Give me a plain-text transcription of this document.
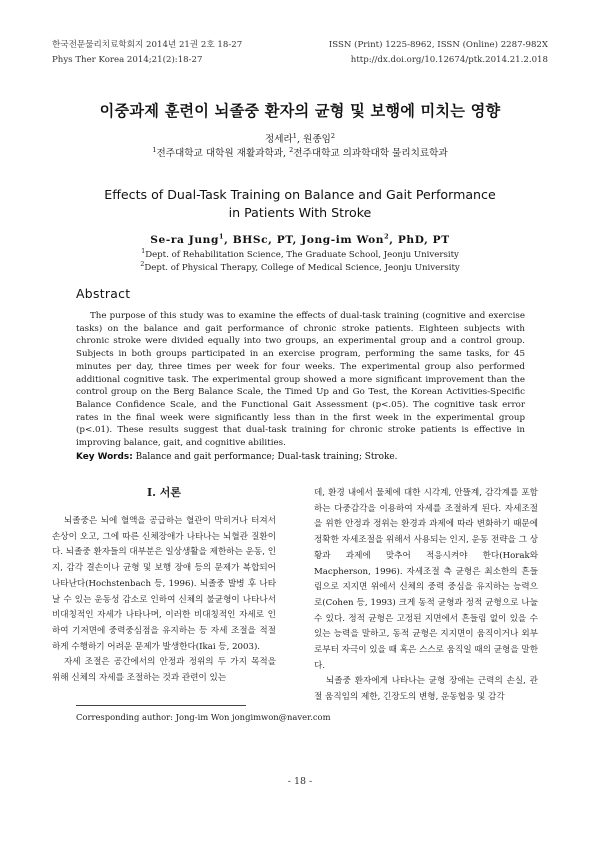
한국전문물리치료학회지 2014년 21권 2호 18-27
Phys Ther Korea 2014;21(2):18-27
ISSN (Print) 1225-8962, ISSN (Online) 2287-982X
http://dx.doi.org/10.12674/ptk.2014.21.2.018
이중과제 훈련이 뇌졸중 환자의 균형 및 보행에 미치는 영향
정세라$^1$, 원종임$^2$
$^1$전주대학교 대학원 재활과학과, $^2$전주대학교 의과학대학 물리치료학과
Effects of Dual-Task Training on Balance and Gait Performance
in Patients With Stroke
Se-ra Jung$^1$, BHSc, PT, Jong-im Won$^2$, PhD, PT
$^1$Dept. of Rehabilitation Science, The Graduate School, Jeonju University
$^2$Dept. of Physical Therapy, College of Medical Science, Jeonju University
Abstract

The purpose of this study was to examine the effects of dual-task training (cognitive and exercise tasks) on the balance and gait performance of chronic stroke patients. Eighteen subjects with chronic stroke were divided equally into two groups, an experimental group and a control group. Subjects in both groups participated in an exercise program, performing the same tasks, for 45 minutes per day, three times per week for four weeks. The experimental group also performed additional cognitive task. The experimental group showed a more significant improvement than the control group on the Berg Balance Scale, the Timed Up and Go Test, the Korean Activities-Specific Balance Confidence Scale, and the Functional Gait Assessment (p<.05). The cognitive task error rates in the final week were significantly less than in the first week in the experimental group (p<.01). These results suggest that dual-task training for chronic stroke patients is effective in improving balance, gait, and cognitive abilities.

Key Words: Balance and gait performance; Dual-task training; Stroke.
Ⅰ. 서론

뇌졸중은 뇌에 혈액을 공급하는 혈관이 막히거나 터져서 손상이 오고, 그에 따른 신체장애가 나타나는 뇌혈관 질환이다. 뇌졸중 환자들의 대부분은 일상생활을 제한하는 운동, 인지, 감각 결손이나 균형 및 보행 장애 등의 문제가 복합되어 나타난다(Hochstenbach 등, 1996). 뇌졸중 발병 후 나타날 수 있는 운동성 감소로 인하여 신체의 불균형이 나타나서 비대칭적인 자세가 나타나며, 이러한 비대칭적인 자세로 인하여 기저면에 중력중심점을 유지하는 등 자세 조절을 적절하게 수행하기 어려운 문제가 발생한다(Ikai 등, 2003).

자세 조절은 공간에서의 안정과 정위의 두 가지 목적을 위해 신체의 자세를 조절하는 것과 관련이 있는

데, 환경 내에서 물체에 대한 시각계, 안뜰계, 감각계를 포함하는 다중감각을 이용하여 자세를 조절하게 된다. 자세조절을 위한 안정과 정위는 환경과 과제에 따라 변화하기 때문에 정확한 자세조절을 위해서 사용되는 인지, 운동 전략을 그 상황과 과제에 맞추어 적응시켜야 한다(Horak와 Macpherson, 1996). 자세조절 측 균형은 최소한의 흔들림으로 지지면 위에서 신체의 중력 중심을 유지하는 능력으로(Cohen 등, 1993) 크게 동적 균형과 정적 균형으로 나눌 수 있다. 정적 균형은 고정된 지면에서 흔들림 없이 있을 수 있는 능력을 말하고, 동적 균형은 지지면이 움직이거나 외부로부터 자극이 있을 때 혹은 스스로 움직일 때의 균형을 말한다.

뇌졸중 환자에게 나타나는 균형 장애는 근력의 손실, 관절 움직임의 제한, 긴장도의 변형, 운동협응 및 감각

Corresponding author: Jong-im Won jongimwon@naver.com
- 18 -
